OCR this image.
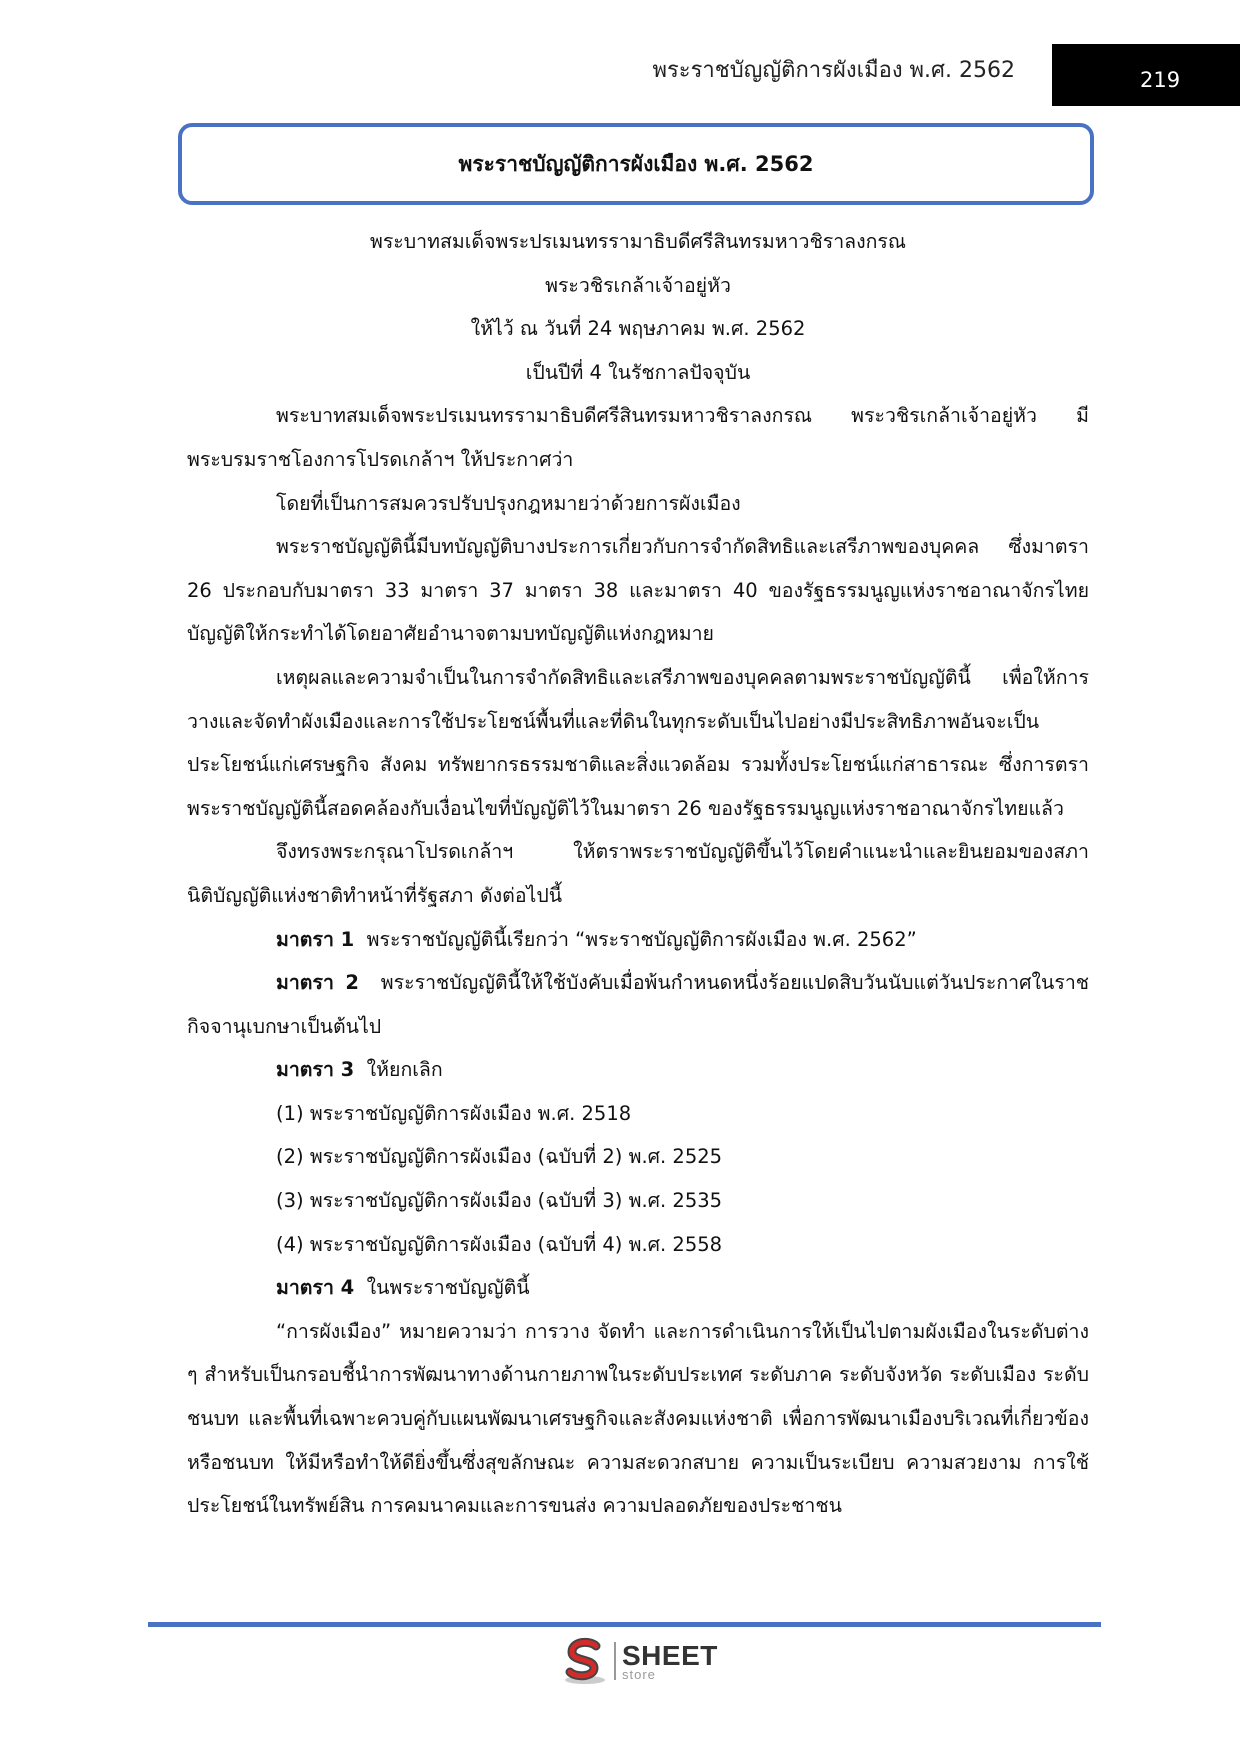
พระราชบัญญัติการผังเมือง พ.ศ. 2562	219
พระราชบัญญัติการผังเมือง พ.ศ. 2562
พระบาทสมเด็จพระปรเมนทรรามาธิบดีศรีสินทรมหาวชิราลงกรณ
พระวชิรเกล้าเจ้าอยู่หัว
ให้ไว้ ณ วันที่ 24 พฤษภาคม พ.ศ. 2562
เป็นปีที่ 4 ในรัชกาลปัจจุบัน
พระบาทสมเด็จพระปรเมนทรรามาธิบดีศรีสินทรมหาวชิราลงกรณ พระวชิรเกล้าเจ้าอยู่หัว มีพระบรมราชโองการโปรดเกล้าฯ ให้ประกาศว่า
โดยที่เป็นการสมควรปรับปรุงกฎหมายว่าด้วยการผังเมือง
พระราชบัญญัตินี้มีบทบัญญัติบางประการเกี่ยวกับการจำกัดสิทธิและเสรีภาพของบุคคล ซึ่งมาตรา 26 ประกอบกับมาตรา 33 มาตรา 37 มาตรา 38 และมาตรา 40 ของรัฐธรรมนูญแห่งราชอาณาจักรไทย บัญญัติให้กระทำได้โดยอาศัยอำนาจตามบทบัญญัติแห่งกฎหมาย
เหตุผลและความจำเป็นในการจำกัดสิทธิและเสรีภาพของบุคคลตามพระราชบัญญัตินี้ เพื่อให้การวางและจัดทำผังเมืองและการใช้ประโยชน์พื้นที่และที่ดินในทุกระดับเป็นไปอย่างมีประสิทธิภาพอันจะเป็นประโยชน์แก่เศรษฐกิจ สังคม ทรัพยากรธรรมชาติและสิ่งแวดล้อม รวมทั้งประโยชน์แก่สาธารณะ ซึ่งการตราพระราชบัญญัตินี้สอดคล้องกับเงื่อนไขที่บัญญัติไว้ในมาตรา 26 ของรัฐธรรมนูญแห่งราชอาณาจักรไทยแล้ว
จึงทรงพระกรุณาโปรดเกล้าฯ ให้ตราพระราชบัญญัติขึ้นไว้โดยคำแนะนำและยินยอมของสภานิติบัญญัติแห่งชาติทำหน้าที่รัฐสภา ดังต่อไปนี้
มาตรา 1 พระราชบัญญัตินี้เรียกว่า “พระราชบัญญัติการผังเมือง พ.ศ. 2562”
มาตรา 2 พระราชบัญญัตินี้ให้ใช้บังคับเมื่อพ้นกำหนดหนึ่งร้อยแปดสิบวันนับแต่วันประกาศในราชกิจจานุเบกษาเป็นต้นไป
มาตรา 3 ให้ยกเลิก
(1) พระราชบัญญัติการผังเมือง พ.ศ. 2518
(2) พระราชบัญญัติการผังเมือง (ฉบับที่ 2) พ.ศ. 2525
(3) พระราชบัญญัติการผังเมือง (ฉบับที่ 3) พ.ศ. 2535
(4) พระราชบัญญัติการผังเมือง (ฉบับที่ 4) พ.ศ. 2558
มาตรา 4 ในพระราชบัญญัตินี้
“การผังเมือง” หมายความว่า การวาง จัดทำ และการดำเนินการให้เป็นไปตามผังเมืองในระดับต่าง ๆ สำหรับเป็นกรอบชี้นำการพัฒนาทางด้านกายภาพในระดับประเทศ ระดับภาค ระดับจังหวัด ระดับเมือง ระดับชนบท และพื้นที่เฉพาะควบคู่กับแผนพัฒนาเศรษฐกิจและสังคมแห่งชาติ เพื่อการพัฒนาเมืองบริเวณที่เกี่ยวข้อง หรือชนบท ให้มีหรือทำให้ดียิ่งขึ้นซึ่งสุขลักษณะ ความสะดวกสบาย ความเป็นระเบียบ ความสวยงาม การใช้ประโยชน์ในทรัพย์สิน การคมนาคมและการขนส่ง ความปลอดภัยของประชาชน
SHEET
store
